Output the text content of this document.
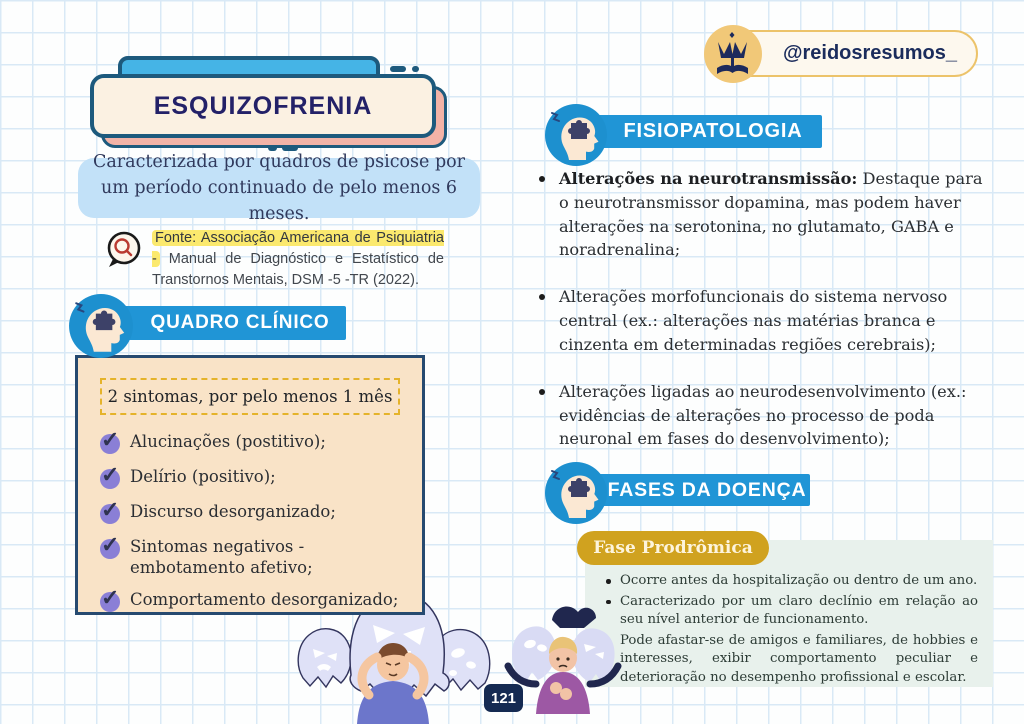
ESQUIZOFRENIA
@reidosresumos_
Caracterizada por quadros de psicose por um período continuado de pelo menos 6 meses.
Fonte: Associação Americana de Psiquiatria - Manual de Diagnóstico e Estatístico de Transtornos Mentais, DSM -5 -TR (2022).
QUADRO CLÍNICO
2 sintomas, por pelo menos 1 mês
✓ Alucinações (postitivo);
✓ Delírio (positivo);
✓ Discurso desorganizado;
✓ Sintomas negativos - embotamento afetivo;
✓ Comportamento desorganizado;
FISIOPATOLOGIA
Alterações na neurotransmissão: Destaque para o neurotransmissor dopamina, mas podem haver alterações na serotonina, no glutamato, GABA e noradrenalina;
Alterações morfofuncionais do sistema nervoso central (ex.: alterações nas matérias branca e cinzenta em determinadas regiões cerebrais);
Alterações ligadas ao neurodesenvolvimento (ex.: evidências de alterações no processo de poda neuronal em fases do desenvolvimento);
FASES DA DOENÇA
Ocorre antes da hospitalização ou dentro de um ano.
Caracterizado por um claro declínio em relação ao seu nível anterior de funcionamento.
Pode afastar-se de amigos e familiares, de hobbies e interesses, exibir comportamento peculiar e deterioração no desempenho profissional e escolar.
Fase Prodrômica
121
